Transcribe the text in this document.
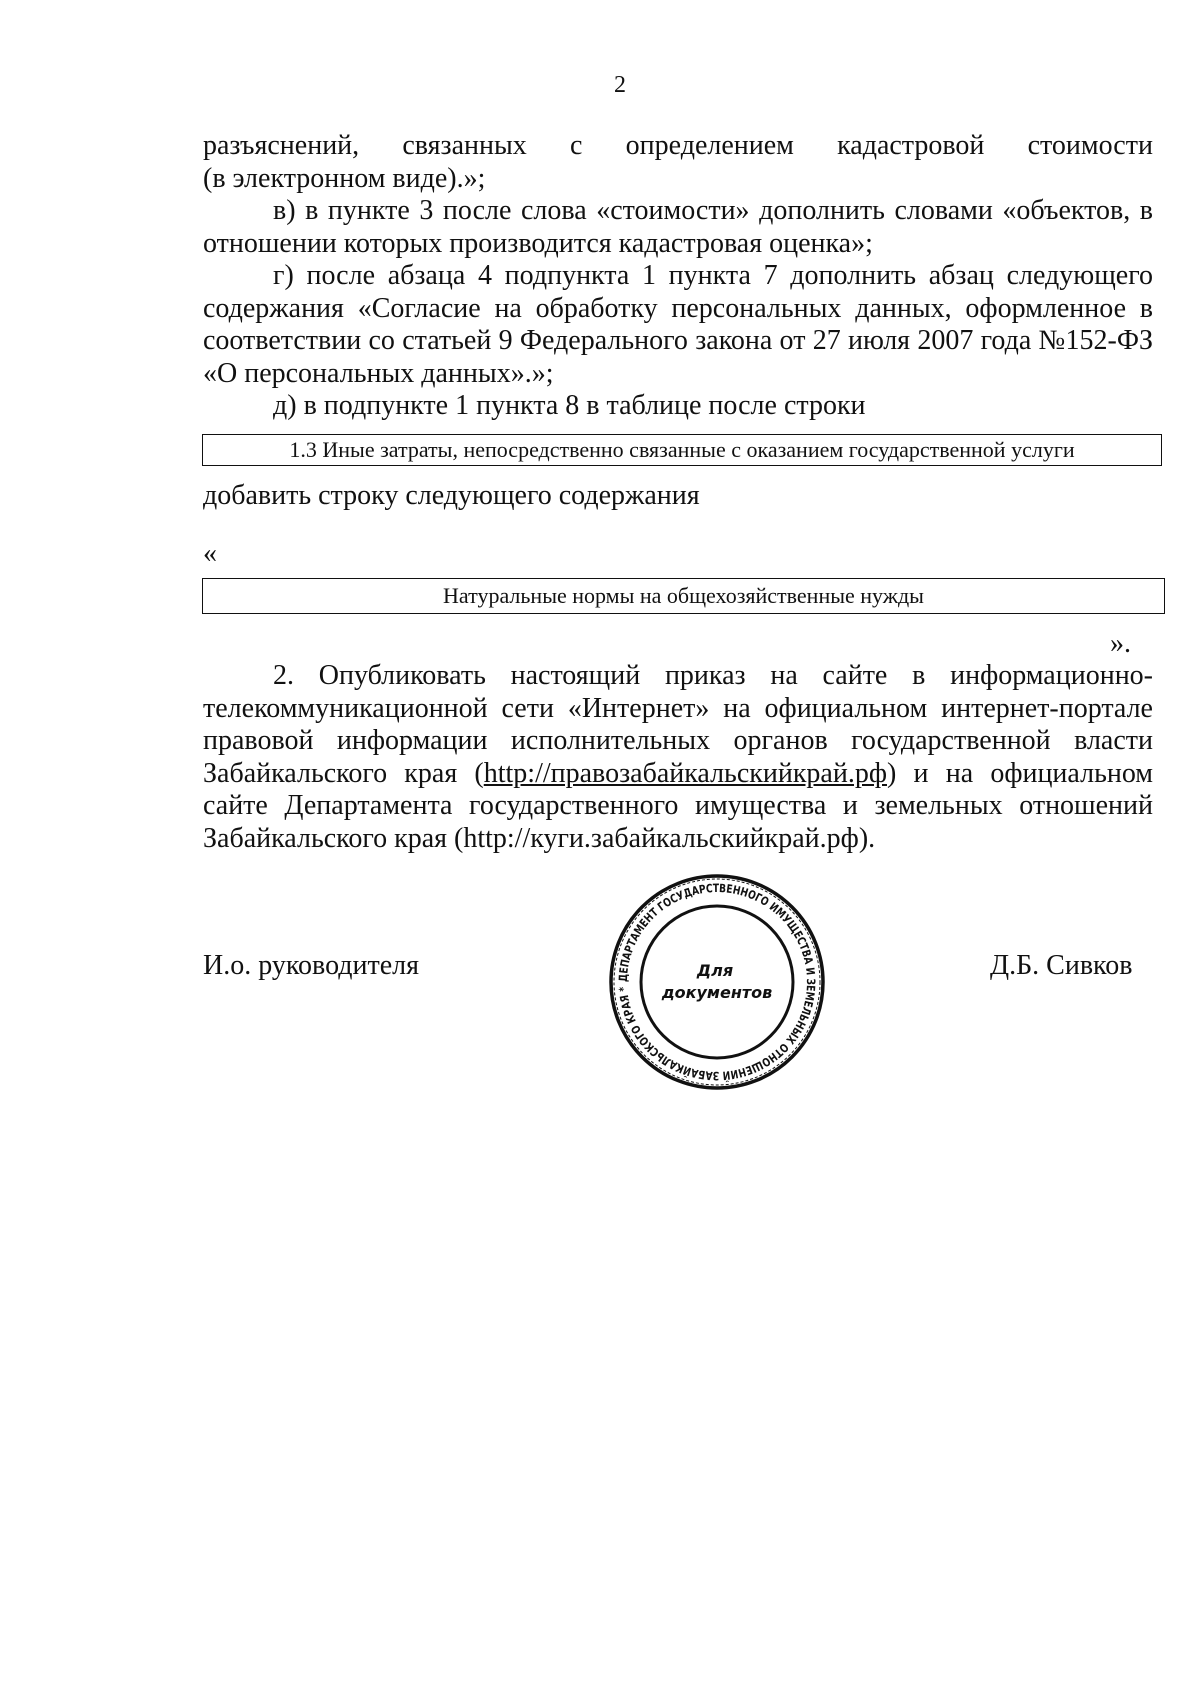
2
разъяснений, связанных с определением кадастровой стоимости
(в электронном виде).»;

в) в пункте 3 после слова «стоимости» дополнить словами «объектов, в отношении которых производится кадастровая оценка»;

г) после абзаца 4 подпункта 1 пункта 7 дополнить абзац следующего содержания «Согласие на обработку персональных данных, оформленное в соответствии со статьей 9 Федерального закона от 27 июля 2007 года №152-ФЗ «О персональных данных».»;

д) в подпункте 1 пункта 8 в таблице после строки

1.3 Иные затраты, непосредственно связанные с оказанием государственной услуги

добавить строку следующего содержания

«
Натуральные нормы на общехозяйственные нужды
».

2. Опубликовать настоящий приказ на сайте в информационно-телекоммуникационной сети «Интернет» на официальном интернет-портале правовой информации исполнительных органов государственной власти Забайкальского края (http://правозабайкальскийкрай.рф) и на официальном сайте Департамента государственного имущества и земельных отношений Забайкальского края (http://куги.забайкальскийкрай.рф).

И.о. руководителя	Д.Б. Сивков
ДЕПАРТАМЕНТ ГОСУДАРСТВЕННОГО ИМУЩЕСТВА И ЗЕМЕЛЬНЫХ ОТНОШЕНИЙ ЗАБАЙКАЛЬСКОГО КРАЯ *
Для
документов
